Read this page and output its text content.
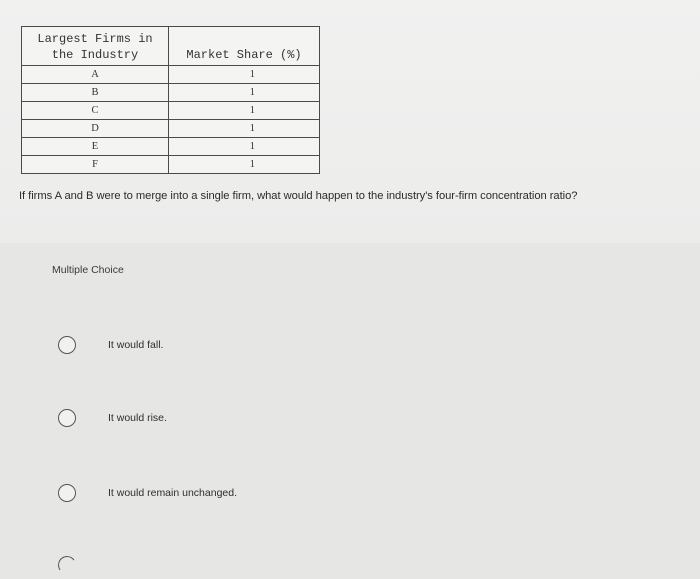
Largest Firms in
the Industry	Market Share (%)
A	1
B	1
C	1
D	1
E	1
F	1
If firms A and B were to merge into a single firm, what would happen to the industry's four-firm concentration ratio?
Multiple Choice
It would fall.
It would rise.
It would remain unchanged.
